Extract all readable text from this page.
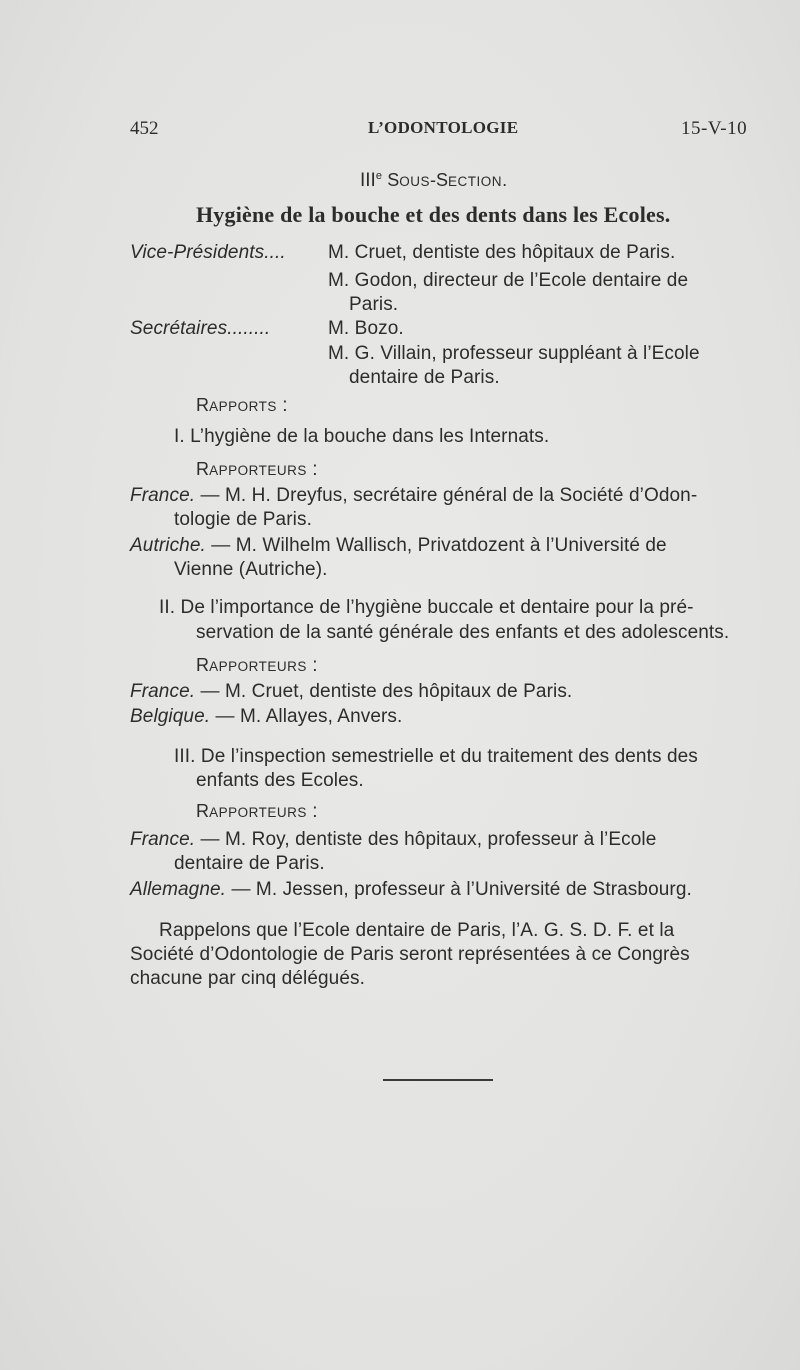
452	L’ODONTOLOGIE	15-V-10
IIIe SOUS-SECTION.
Hygiène de la bouche et des dents dans les Ecoles.
Vice-Présidents.... M. Cruet, dentiste des hôpitaux de Paris.
M. Godon, directeur de l’Ecole dentaire de
Paris.
Secrétaires........	M. Bozo.
M. G. Villain, professeur suppléant à l’Ecole
dentaire de Paris.
RAPPORTS :
I. L’hygiène de la bouche dans les Internats.
RAPPORTEURS :
France. — M. H. Dreyfus, secrétaire général de la Société d’Odon-
tologie de Paris.
Autriche. — M. Wilhelm Wallisch, Privatdozent à l’Université de
Vienne (Autriche).
II. De l’importance de l’hygiène buccale et dentaire pour la pré-
servation de la santé générale des enfants et des adolescents.
RAPPORTEURS :
France. — M. Cruet, dentiste des hôpitaux de Paris.
Belgique. — M. Allayes, Anvers.
III. De l’inspection semestrielle et du traitement des dents des
enfants des Ecoles.
RAPPORTEURS :
France. — M. Roy, dentiste des hôpitaux, professeur à l’Ecole
dentaire de Paris.
Allemagne. — M. Jessen, professeur à l’Université de Strasbourg.
Rappelons que l’Ecole dentaire de Paris, l’A. G. S. D. F. et la
Société d’Odontologie de Paris seront représentées à ce Congrès
chacune par cinq délégués.
